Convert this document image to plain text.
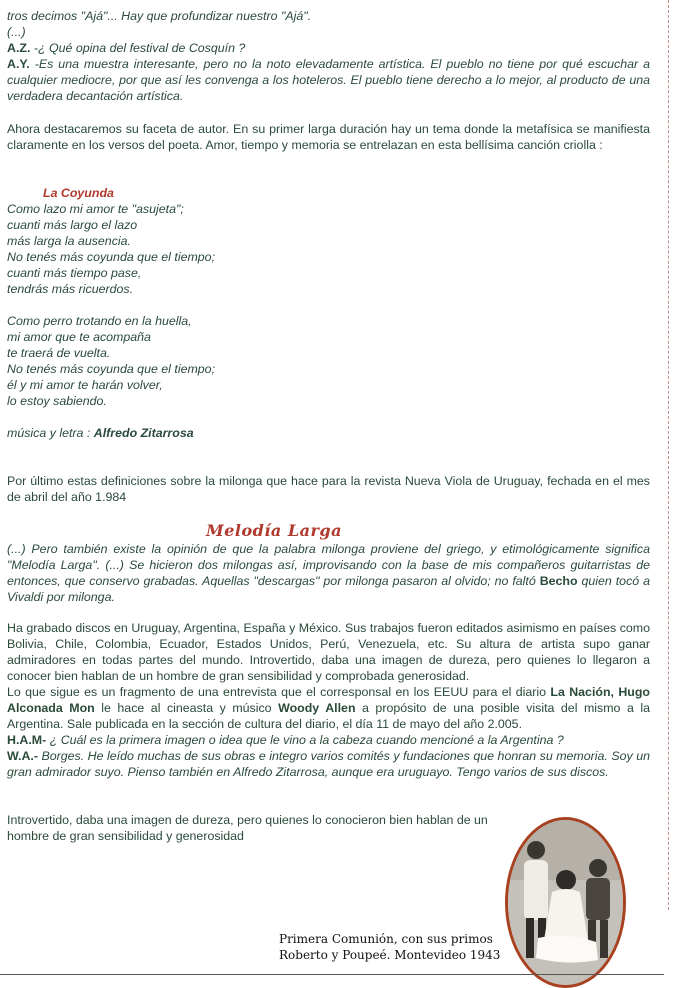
tros decimos "Ajá"... Hay que profundizar nuestro "Ajá".

(...)

A.Z. -¿ Qué opina del festival de Cosquín ?

A.Y. -Es una muestra interesante, pero no la noto elevadamente artística. El pueblo no tiene por qué escuchar a cualquier mediocre, por que así les convenga a los hoteleros. El pueblo tiene derecho a lo mejor, al producto de una verdadera decantación artística.

Ahora destacaremos su faceta de autor. En su primer larga duración hay un tema donde la metafísica se manifiesta claramente en los versos del poeta. Amor, tiempo y memoria se entrelazan en esta bellísima canción criolla :

La Coyunda

Como lazo mi amor te "asujeta";

cuanti más largo el lazo

más larga la ausencia.

No tenés más coyunda que el tiempo;

cuanti más tiempo pase,

tendrás más ricuerdos.

Como perro trotando en la huella,

mi amor que te acompaña

te traerá de vuelta.

No tenés más coyunda que el tiempo;

él y mi amor te harán volver,

lo estoy sabiendo.

música y letra : Alfredo Zitarrosa

Por último estas definiciones sobre la milonga que hace para la revista Nueva Viola de Uruguay, fechada en el mes de abril del año 1.984

Melodía Larga

(...) Pero también existe la opinión de que la palabra milonga proviene del griego, y etimológicamente significa "Melodía Larga". (...) Se hicieron dos milongas así, improvisando con la base de mis compañeros guitarristas de entonces, que conservo grabadas. Aquellas "descargas" por milonga pasaron al olvido; no faltó Becho quien tocó a Vivaldi por milonga.

Ha grabado discos en Uruguay, Argentina, España y México. Sus trabajos fueron editados asimismo en países como Bolivia, Chile, Colombia, Ecuador, Estados Unidos, Perú, Venezuela, etc. Su altura de artista supo ganar admiradores en todas partes del mundo. Introvertido, daba una imagen de dureza, pero quienes lo llegaron a conocer bien hablan de un hombre de gran sensibilidad y comprobada generosidad.

Lo que sigue es un fragmento de una entrevista que el corresponsal en los EEUU para el diario La Nación, Hugo Alconada Mon le hace al cineasta y músico Woody Allen a propósito de una posible visita del mismo a la Argentina. Sale publicada en la sección de cultura del diario, el día 11 de mayo del año 2.005.

H.A.M- ¿ Cuál es la primera imagen o idea que le vino a la cabeza cuando mencioné a la Argentina ?

W.A.- Borges. He leído muchas de sus obras e integro varios comités y fundaciones que honran su memoria. Soy un gran admirador suyo. Pienso también en Alfredo Zitarrosa, aunque era uruguayo. Tengo varios de sus discos.

Introvertido, daba una imagen de dureza, pero quienes lo conocieron bien hablan de un

hombre de gran sensibilidad y generosidad

Primera Comunión, con sus primos

Roberto y Poupeé. Montevideo 1943
